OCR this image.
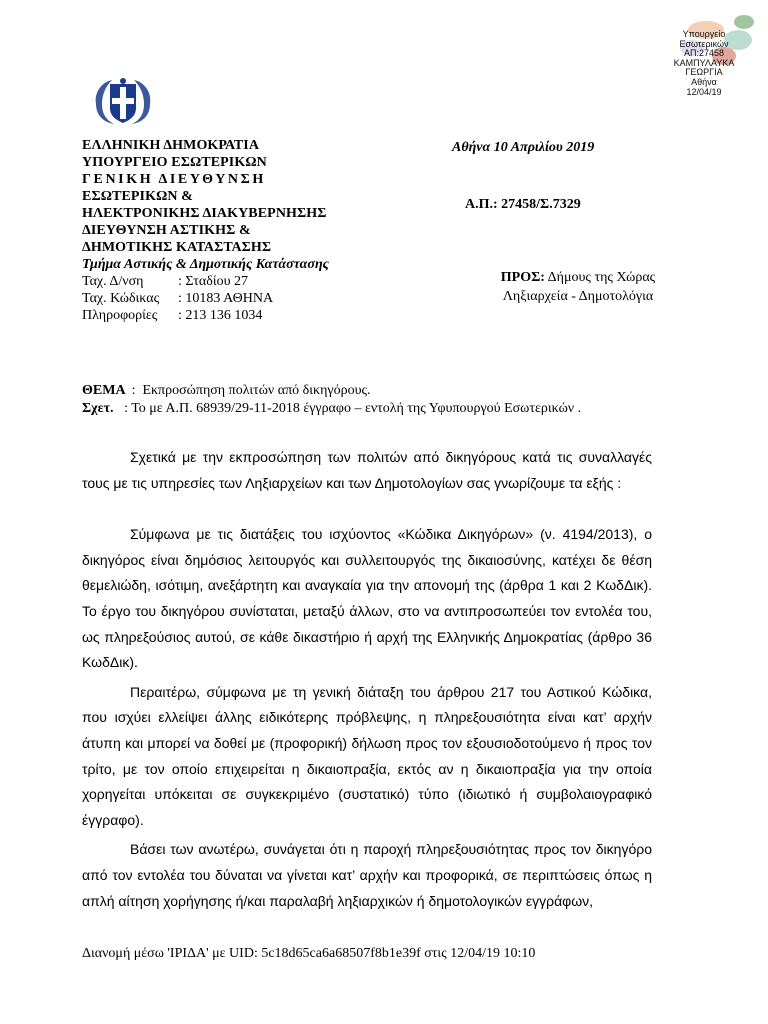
Υπουργείο
Εσωτερικών
ΑΠ:27458
ΚΑΜΠΥΛΑΥΚΑ
ΓΕΩΡΓΙΑ
Αθήνα
12/04/19
ΕΛΛΗΝΙΚΗ ΔΗΜΟΚΡΑΤΙΑ
ΥΠΟΥΡΓΕΙΟ ΕΣΩΤΕΡΙΚΩΝ
ΓΕΝΙΚΗ ΔΙΕΥΘΥΝΣΗ
ΕΣΩΤΕΡΙΚΩΝ &
ΗΛΕΚΤΡΟΝΙΚΗΣ ΔΙΑΚΥΒΕΡΝΗΣΗΣ
ΔΙΕΥΘΥΝΣΗ ΑΣΤΙΚΗΣ &
ΔΗΜΟΤΙΚΗΣ ΚΑΤΑΣΤΑΣΗΣ
Τμήμα Αστικής & Δημοτικής Κατάστασης
Ταχ. Δ/νση	: Σταδίου 27
Ταχ. Κώδικας	: 10183 ΑΘΗΝΑ
Πληροφορίες	: 213 136 1034
Αθήνα 10 Απριλίου 2019
Α.Π.: 27458/Σ.7329
ΠΡΟΣ: Δήμους της Χώρας
Ληξιαρχεία - Δημοτολόγια
ΘΕΜΑ :  Εκπροσώπηση πολιτών από δικηγόρους.
Σχετ. : Το με Α.Π. 68939/29-11-2018 έγγραφο – εντολή της Υφυπουργού Εσωτερικών .

Σχετικά με την εκπροσώπηση των πολιτών από δικηγόρους κατά τις συναλλαγές τους με τις υπηρεσίες των Ληξιαρχείων και των Δημοτολογίων σας γνωρίζουμε τα εξής :

Σύμφωνα με τις διατάξεις του ισχύοντος «Κώδικα Δικηγόρων» (ν. 4194/2013), ο δικηγόρος είναι δημόσιος λειτουργός και συλλειτουργός της δικαιοσύνης, κατέχει δε θέση θεμελιώδη, ισότιμη, ανεξάρτητη και αναγκαία για την απονομή της (άρθρα 1 και 2 ΚωδΔικ). Το έργο του δικηγόρου συνίσταται, μεταξύ άλλων, στο να αντιπροσωπεύει τον εντολέα του, ως πληρεξούσιος αυτού, σε κάθε δικαστήριο ή αρχή της Ελληνικής Δημοκρατίας (άρθρο 36 ΚωδΔικ).

Περαιτέρω, σύμφωνα με τη γενική διάταξη του άρθρου 217 του Αστικού Κώδικα, που ισχύει ελλείψει άλλης ειδικότερης πρόβλεψης, η πληρεξουσιότητα είναι κατ’ αρχήν άτυπη και μπορεί να δοθεί με (προφορική) δήλωση προς τον εξουσιοδοτούμενο ή προς τον τρίτο, με τον οποίο επιχειρείται η δικαιοπραξία, εκτός αν η δικαιοπραξία για την οποία χορηγείται υπόκειται σε συγκεκριμένο (συστατικό) τύπο (ιδιωτικό ή συμβολαιογραφικό έγγραφο).

Βάσει των ανωτέρω, συνάγεται ότι η παροχή πληρεξουσιότητας προς τον δικηγόρο από τον εντολέα του δύναται να γίνεται κατ’ αρχήν και προφορικά, σε περιπτώσεις όπως η απλή αίτηση χορήγησης ή/και παραλαβή ληξιαρχικών ή δημοτολογικών εγγράφων,

Διανομή μέσω 'ΙΡΙΔΑ' με UID: 5c18d65ca6a68507f8b1e39f στις 12/04/19 10:10
